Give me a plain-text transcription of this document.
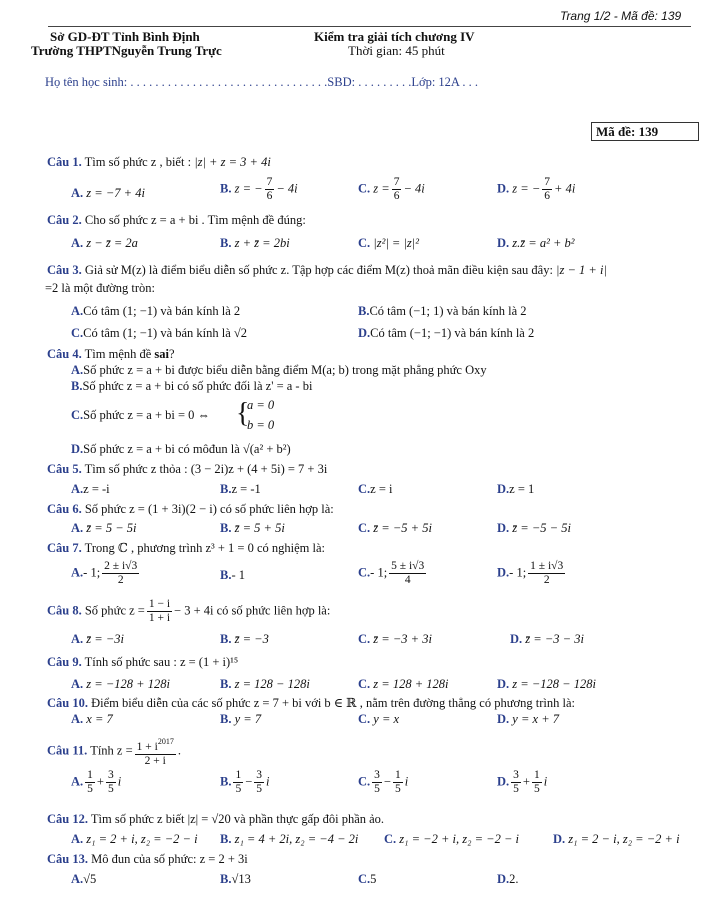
Trang 1/2 - Mã đề: 139
Sở GD-ĐT Tỉnh Bình Định
Trường THPTNguyễn Trung Trực
Kiểm tra giải tích chương IV
Thời gian: 45 phút
Họ tên học sinh: . . . . . . . . . . . . . . . . . . . . . . . . . . . . . . . .SBD: . . . . . . . . .Lớp: 12A . . .
Mã đề: 139
Câu 1. Tìm số phức z , biết : |z| + z = 3 + 4i
A. z = −7 + 4i	B. z = − $\frac{7}{6} - 4i$	C. $z = \frac{7}{6} - 4i$	D. z = − $\frac{7}{6} + 4i$
Câu 2. Cho số phức z = a + bi . Tìm mệnh đề đúng:
A. z − z̄ = 2a	B. z + z̄ = 2bi	C. |z²| = |z|²	D. z.z̄ = a² + b²
Câu 3. Giả sử M(z) là điểm biểu diễn số phức z. Tập hợp các điểm M(z) thoả mãn điều kiện sau đây: |z − 1 + i|
=2 là một đường tròn:
A.Có tâm (1; −1) và bán kính là 2	B.Có tâm (−1; 1) và bán kính là 2
C.Có tâm (1; −1) và bán kính là √2	D.Có tâm (−1; −1) và bán kính là 2
Câu 4. Tìm mệnh đề sai?
A.Số phức z = a + bi được biểu diễn bằng điểm M(a; b) trong mặt phẳng phức Oxy
B.Số phức z = a + bi có số phức đối là z' = a - bi
C.Số phức z = a + bi = 0 ⇔ {
a = 0
b = 0
D.Số phức z = a + bi có môđun là √(a² + b²)
Câu 5. Tìm số phức z thỏa : (3 − 2i)z + (4 + 5i) = 7 + 3i
A.z = -i	B.z = -1	C.z = i	D.z = 1
Câu 6. Số phức z = (1 + 3i)(2 − i) có số phức liên hợp là:
A. z̄ = 5 − 5i	B. z̄ = 5 + 5i	C. z̄ = −5 + 5i	D. z̄ = −5 − 5i
Câu 7. Trong ℂ , phương trình z³ + 1 = 0 có nghiệm là:
A.- 1; $\frac{2 \pm i√3}{2}$	B.- 1	C.- 1; $\frac{5 \pm i√3}{4}$	D.- 1; $\frac{1 \pm i√3}{2}$
Câu 8. Số phức $z = \frac{1 - i}{1 + i} - 3 + 4i$ có số phức liên hợp là:
A. z̄ = −3i	B. z̄ = −3	C. z̄ = −3 + 3i	D. z̄ = −3 − 3i
Câu 9. Tính số phức sau : z = (1 + i)¹⁵
A. z = −128 + 128i	B. z = 128 − 128i	C. z = 128 + 128i	D. z = −128 − 128i
Câu 10. Điểm biểu diễn của các số phức z = 7 + bi với b ∈ ℝ , nằm trên đường thẳng có phương trình là:
A. x = 7	B. y = 7	C. y = x	D. y = x + 7
Câu 11. Tính $z = \frac{1 + i^{2017}}{2 + i}$ .
A. $\frac{1}{5} + \frac{3}{5}$ i	B. $\frac{1}{5} - \frac{3}{5}$ i	C. $\frac{3}{5} - \frac{1}{5}$ i	D. $\frac{3}{5} + \frac{1}{5}$ i
Câu 12. Tìm số phức z biết |z| = √20 và phần thực gấp đôi phần ảo.
A. z₁ = 2 + i, z₂ = −2 − i B. z₁ = 4 + 2i, z₂ = −4 − 2i C. z₁ = −2 + i, z₂ = −2 − i	D. z₁ = 2 − i, z₂ = −2 + i
Câu 13. Mô đun của số phức: z = 2 + 3i
A.√5	B.√13	C.5	D.2.
